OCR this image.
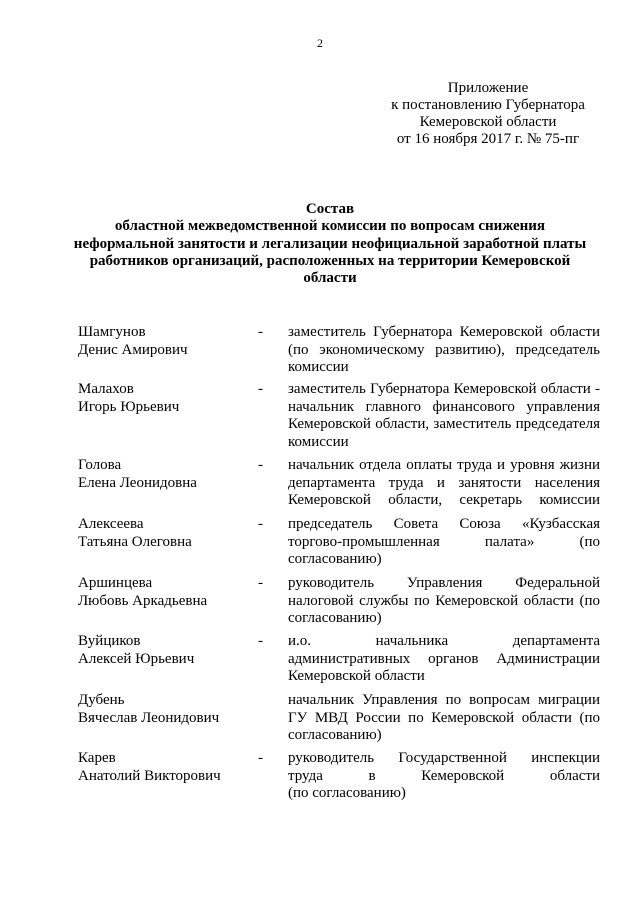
2
Приложение
к постановлению Губернатора
Кемеровской области
от 16 ноября 2017 г. № 75-пг
Состав
областной межведомственной комиссии по вопросам снижения
неформальной занятости и легализации неофициальной заработной платы
работников организаций, расположенных на территории Кемеровской
области
Шамгунов
Денис Амирович
- заместитель Губернатора Кемеровской области
(по экономическому развитию), председатель
комиссии
Малахов
Игорь Юрьевич
- заместитель Губернатора Кемеровской области -
начальник главного финансового управления
Кемеровской области, заместитель председателя
комиссии
Голова
Елена Леонидовна
- начальник отдела оплаты труда и уровня жизни
департамента труда и занятости населения
Кемеровской области, секретарь комиссии
Алексеева
Татьяна Олеговна
- председатель Совета Союза «Кузбасская
торгово-промышленная палата» (по
согласованию)
Аршинцева
Любовь Аркадьевна
- руководитель Управления Федеральной
налоговой службы по Кемеровской области (по
согласованию)
Вуйциков
Алексей Юрьевич
- и.о. начальника департамента
административных органов Администрации
Кемеровской области
Дубень
Вячеслав Леонидович
начальник Управления по вопросам миграции
ГУ МВД России по Кемеровской области (по
согласованию)
Карев
Анатолий Викторович
- руководитель Государственной инспекции
труда в Кемеровской области
(по согласованию)
